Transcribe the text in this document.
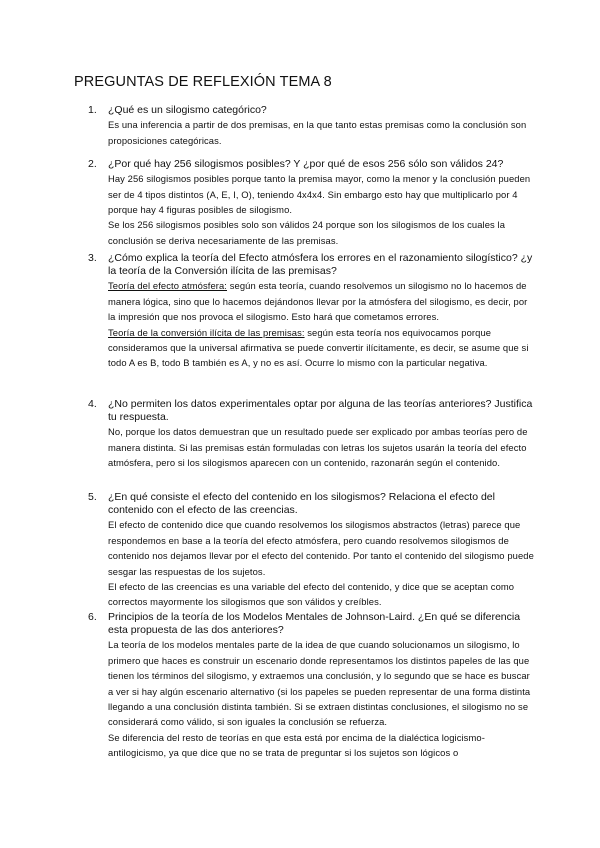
PREGUNTAS DE REFLEXIÓN TEMA 8
1. ¿Qué es un silogismo categórico?

Es una inferencia a partir de dos premisas, en la que tanto estas premisas como la conclusión son proposiciones categóricas.

2. ¿Por qué hay 256 silogismos posibles? Y ¿por qué de esos 256 sólo son válidos 24?

Hay 256 silogismos posibles porque tanto la premisa mayor, como la menor y la conclusión pueden ser de 4 tipos distintos (A, E, I, O), teniendo 4x4x4. Sin embargo esto hay que multiplicarlo por 4 porque hay 4 figuras posibles de silogismo.

Se los 256 silogismos posibles solo son válidos 24 porque son los silogismos de los cuales la conclusión se deriva necesariamente de las premisas.

3. ¿Cómo explica la teoría del Efecto atmósfera los errores en el razonamiento silogístico? ¿y la teoría de la Conversión ilícita de las premisas?

Teoría del efecto atmósfera: según esta teoría, cuando resolvemos un silogismo no lo hacemos de manera lógica, sino que lo hacemos dejándonos llevar por la atmósfera del silogismo, es decir, por la impresión que nos provoca el silogismo. Esto hará que cometamos errores.

Teoría de la conversión ilícita de las premisas: según esta teoría nos equivocamos porque consideramos que la universal afirmativa se puede convertir ilícitamente, es decir, se asume que si todo A es B, todo B también es A, y no es así. Ocurre lo mismo con la particular negativa.

4. ¿No permiten los datos experimentales optar por alguna de las teorías anteriores? Justifica tu respuesta.

No, porque los datos demuestran que un resultado puede ser explicado por ambas teorías pero de manera distinta. Si las premisas están formuladas con letras los sujetos usarán la teoría del efecto atmósfera, pero si los silogismos aparecen con un contenido, razonarán según el contenido.

5. ¿En qué consiste el efecto del contenido en los silogismos? Relaciona el efecto del contenido con el efecto de las creencias.

El efecto de contenido dice que cuando resolvemos los silogismos abstractos (letras) parece que respondemos en base a la teoría del efecto atmósfera, pero cuando resolvemos silogismos de contenido nos dejamos llevar por el efecto del contenido. Por tanto el contenido del silogismo puede sesgar las respuestas de los sujetos.

El efecto de las creencias es una variable del efecto del contenido, y dice que se aceptan como correctos mayormente los silogismos que son válidos y creíbles.

6. Principios de la teoría de los Modelos Mentales de Johnson-Laird. ¿En qué se diferencia esta propuesta de las dos anteriores?

La teoría de los modelos mentales parte de la idea de que cuando solucionamos un silogismo, lo primero que haces es construir un escenario donde representamos los distintos papeles de las que tienen los términos del silogismo, y extraemos una conclusión, y lo segundo que se hace es buscar a ver si hay algún escenario alternativo (si los papeles se pueden representar de una forma distinta llegando a una conclusión distinta también. Si se extraen distintas conclusiones, el silogismo no se considerará como válido, si son iguales la conclusión se refuerza.

Se diferencia del resto de teorías en que esta está por encima de la dialéctica logicismo-antilogicismo, ya que dice que no se trata de preguntar si los sujetos son lógicos o
